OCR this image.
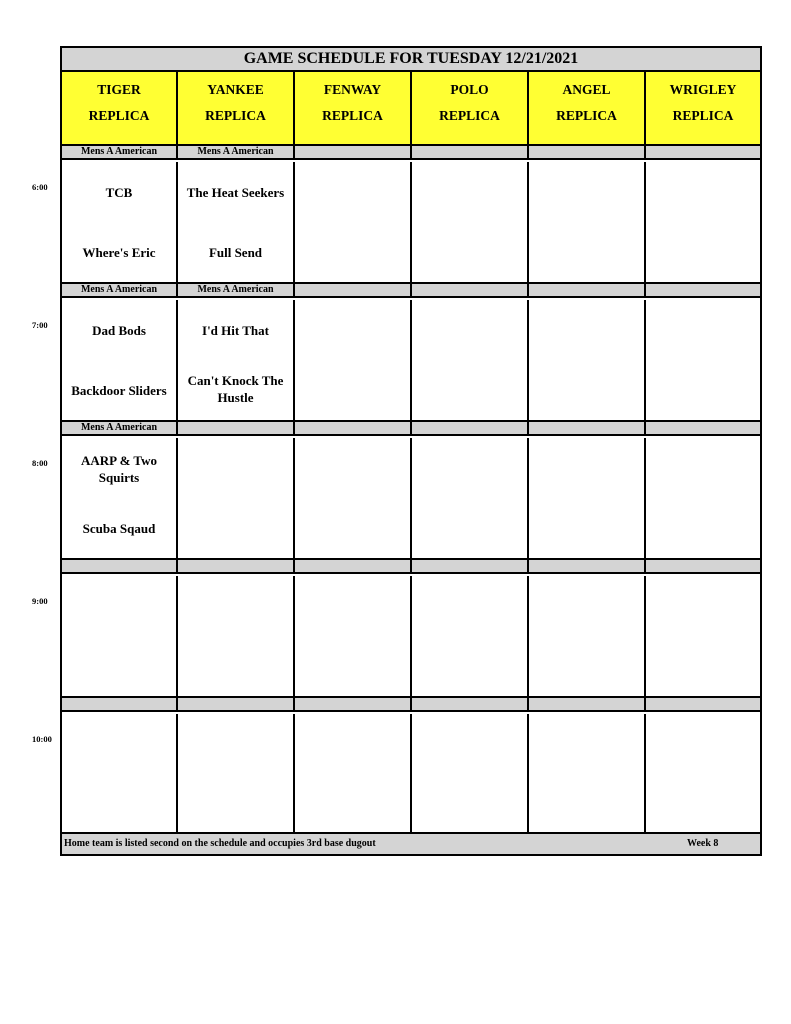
GAME SCHEDULE FOR TUESDAY 12/21/2021
TIGER
REPLICA
YANKEE
REPLICA
FENWAY
REPLICA
POLO
REPLICA
ANGEL
REPLICA
WRIGLEY
REPLICA
Mens A American
TCB
Where's Eric
Mens A American
The Heat Seekers
Full Send
Mens A American
Dad Bods
Backdoor Sliders
Mens A American
I'd Hit That
Can't Knock The Hustle
Mens A American
AARP & Two Squirts
Scuba Sqaud
Home team is listed second on the schedule and occupies 3rd base dugout	Week 8
6:00
7:00
8:00
9:00
10:00
